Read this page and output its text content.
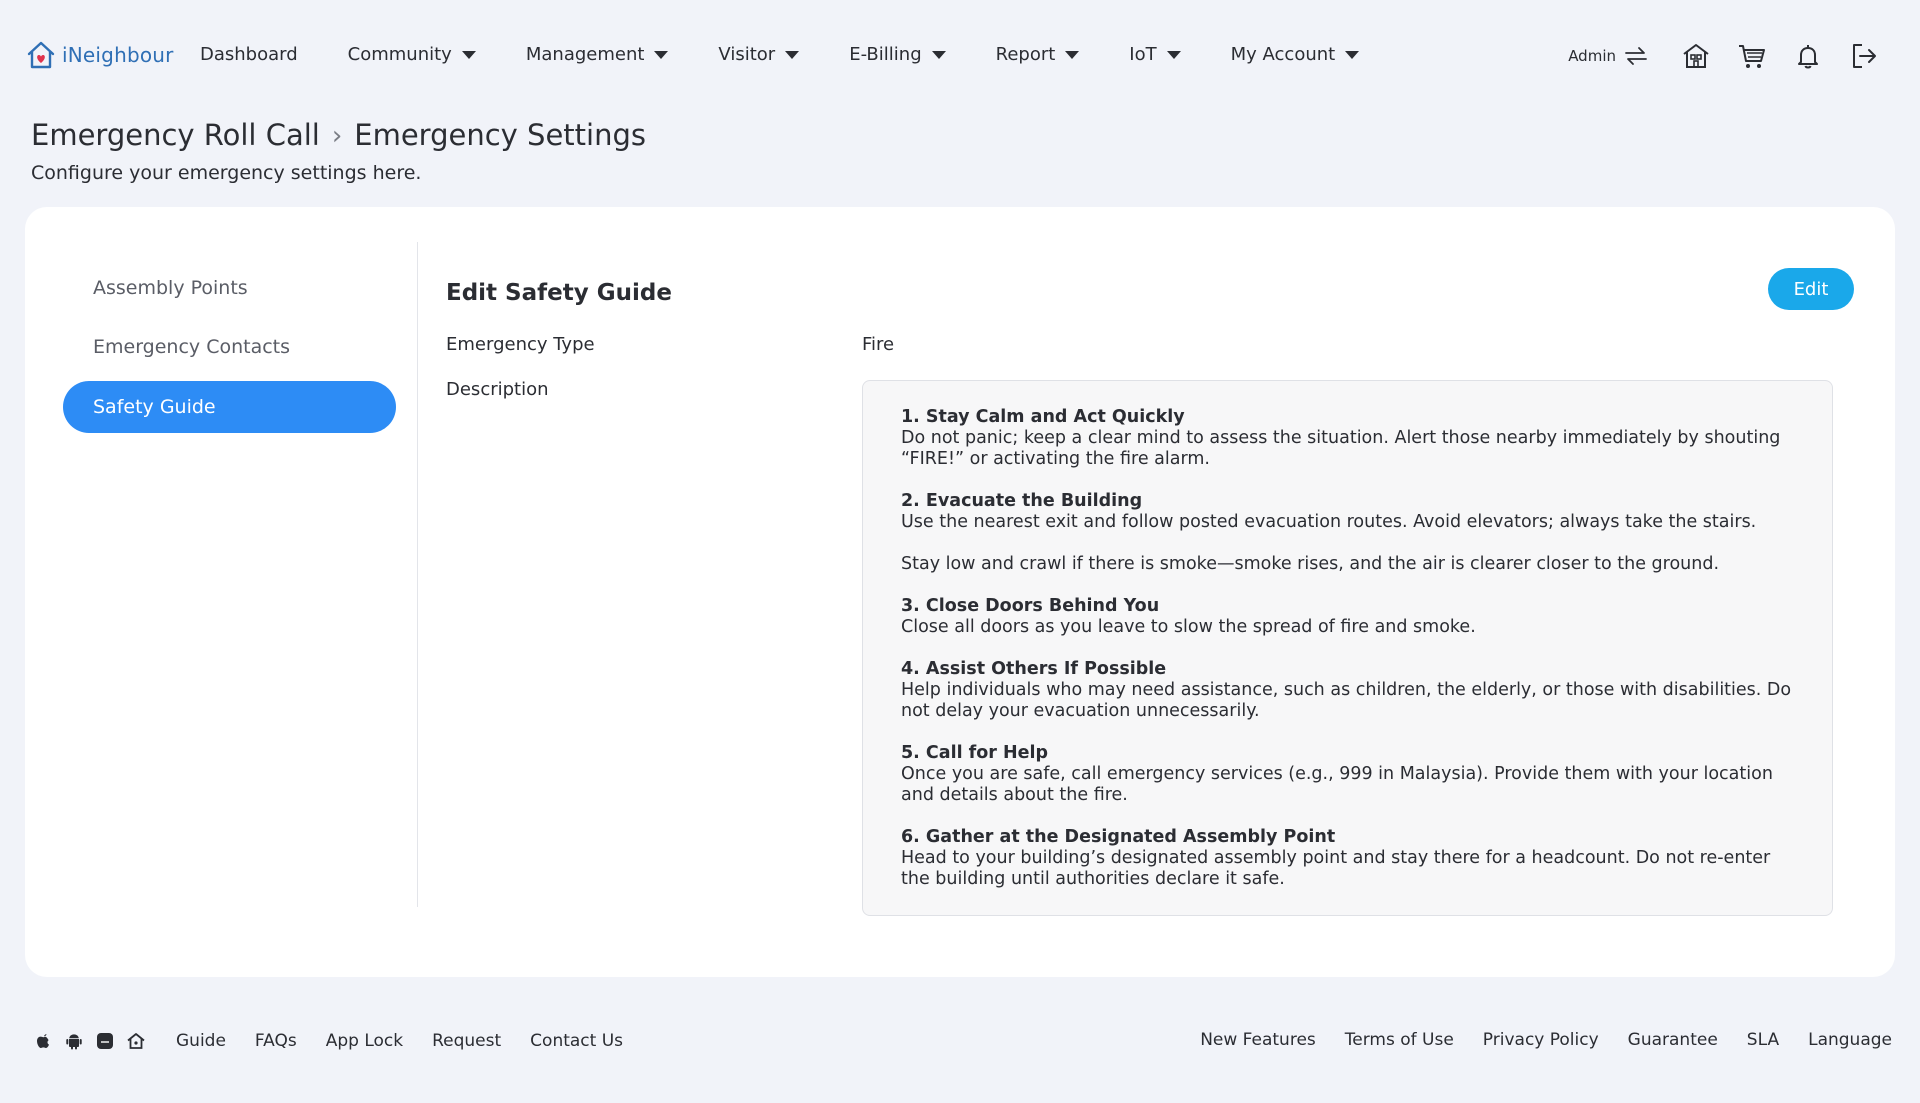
iNeighbour Dashboard	Community	Management	Visitor	E-Billing	Report	IoT	My Account	Admin
Emergency Roll Call › Emergency Settings
Configure your emergency settings here.
Assembly Points
Emergency Contacts
Safety Guide
Edit Safety Guide	Edit
Emergency Type	Fire
Description
1. Stay Calm and Act Quickly
Do not panic; keep a clear mind to assess the situation. Alert those nearby immediately by shouting “FIRE!” or activating the fire alarm.
2. Evacuate the Building
Use the nearest exit and follow posted evacuation routes. Avoid elevators; always take the stairs.
Stay low and crawl if there is smoke—smoke rises, and the air is clearer closer to the ground.
3. Close Doors Behind You
Close all doors as you leave to slow the spread of fire and smoke.
4. Assist Others If Possible
Help individuals who may need assistance, such as children, the elderly, or those with disabilities. Do not delay your evacuation unnecessarily.
5. Call for Help
Once you are safe, call emergency services (e.g., 999 in Malaysia). Provide them with your location and details about the fire.
6. Gather at the Designated Assembly Point
Head to your building’s designated assembly point and stay there for a headcount. Do not re-enter the building until authorities declare it safe.
Guide FAQs App Lock Request Contact Us	New Features Terms of Use Privacy Policy Guarantee SLA Language
